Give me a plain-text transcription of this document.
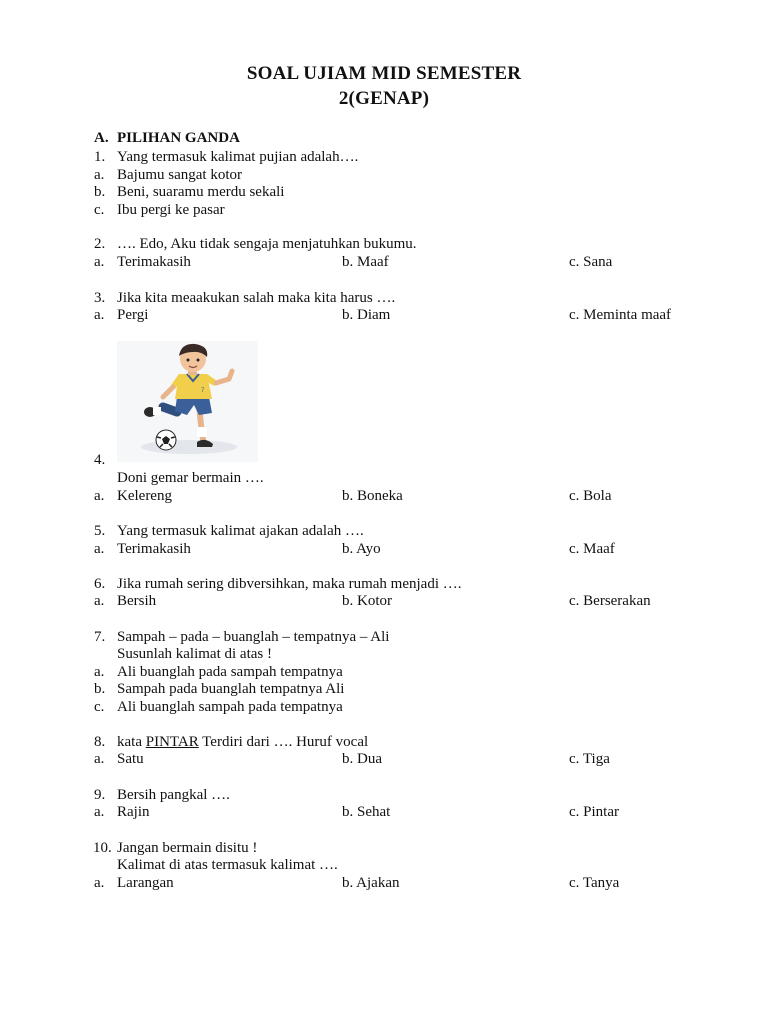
SOAL UJIAM MID SEMESTER
2(GENAP)
A. PILIHAN GANDA
1. Yang termasuk kalimat pujian adalah….
a. Bajumu sangat kotor
b. Beni, suaramu merdu sekali
c. Ibu pergi ke pasar
2. …. Edo, Aku tidak sengaja menjatuhkan bukumu.
a. Terimakasih	b. Maaf	c. Sana
3. Jika kita meaakukan salah maka kita harus ….
a. Pergi	b. Diam	c. Meminta maaf
7
4.
Doni gemar bermain ….
a. Kelereng	b. Boneka	c. Bola
5. Yang termasuk kalimat ajakan adalah ….
a. Terimakasih	b. Ayo	c. Maaf
6. Jika rumah sering dibversihkan, maka rumah menjadi ….
a. Bersih	b. Kotor	c. Berserakan
7. Sampah – pada – buanglah – tempatnya – Ali
Susunlah kalimat di atas !
a. Ali buanglah pada sampah tempatnya
b. Sampah pada buanglah tempatnya Ali
c. Ali buanglah sampah pada tempatnya
8. kata PINTAR Terdiri dari …. Huruf vocal
a. Satu	b. Dua	c. Tiga
9. Bersih pangkal ….
a. Rajin	b. Sehat	c. Pintar
10. Jangan bermain disitu !
Kalimat di atas termasuk kalimat ….
a. Larangan	b. Ajakan	c. Tanya
